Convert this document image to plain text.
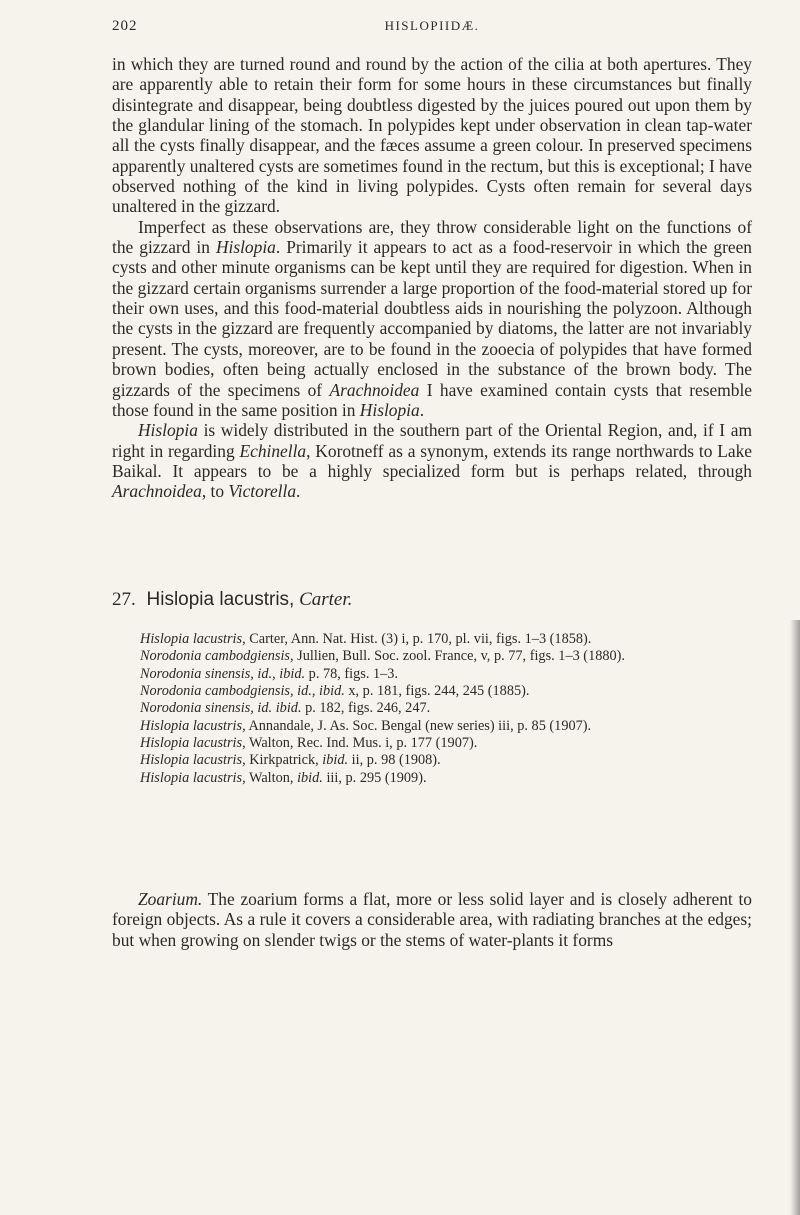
HISLOPIIDÆ.
202

in which they are turned round and round by the action of the cilia at both apertures. They are apparently able to retain their form for some hours in these circumstances but finally disintegrate and disappear, being doubtless digested by the juices poured out upon them by the glandular lining of the stomach. In polypides kept under observation in clean tap-water all the cysts finally disappear, and the fæces assume a green colour. In preserved specimens apparently unaltered cysts are sometimes found in the rectum, but this is exceptional; I have observed nothing of the kind in living polypides. Cysts often remain for several days unaltered in the gizzard.

Imperfect as these observations are, they throw considerable light on the functions of the gizzard in Hislopia. Primarily it appears to act as a food-reservoir in which the green cysts and other minute organisms can be kept until they are required for digestion. When in the gizzard certain organisms surrender a large proportion of the food-material stored up for their own uses, and this food-material doubtless aids in nourishing the polyzoon. Although the cysts in the gizzard are frequently accompanied by diatoms, the latter are not invariably present. The cysts, moreover, are to be found in the zooecia of polypides that have formed brown bodies, often being actually enclosed in the substance of the brown body. The gizzards of the specimens of Arachnoidea I have examined contain cysts that resemble those found in the same position in Hislopia.

Hislopia is widely distributed in the southern part of the Oriental Region, and, if I am right in regarding Echinella, Korotneff as a synonym, extends its range northwards to Lake Baikal. It appears to be a highly specialized form but is perhaps related, through Arachnoidea, to Victorella.

27. Hislopia lacustris, Carter.

Hislopia lacustris, Carter, Ann. Nat. Hist. (3) i, p. 170, pl. vii, figs. 1–3 (1858).

Norodonia cambodgiensis, Jullien, Bull. Soc. zool. France, v, p. 77, figs. 1–3 (1880).

Norodonia sinensis, id., ibid. p. 78, figs. 1–3.

Norodonia cambodgiensis, id., ibid. x, p. 181, figs. 244, 245 (1885).

Norodonia sinensis, id. ibid. p. 182, figs. 246, 247.

Hislopia lacustris, Annandale, J. As. Soc. Bengal (new series) iii, p. 85 (1907).

Hislopia lacustris, Walton, Rec. Ind. Mus. i, p. 177 (1907).

Hislopia lacustris, Kirkpatrick, ibid. ii, p. 98 (1908).

Hislopia lacustris, Walton, ibid. iii, p. 295 (1909).

Zoarium. The zoarium forms a flat, more or less solid layer and is closely adherent to foreign objects. As a rule it covers a considerable area, with radiating branches at the edges; but when growing on slender twigs or the stems of water-plants it forms
